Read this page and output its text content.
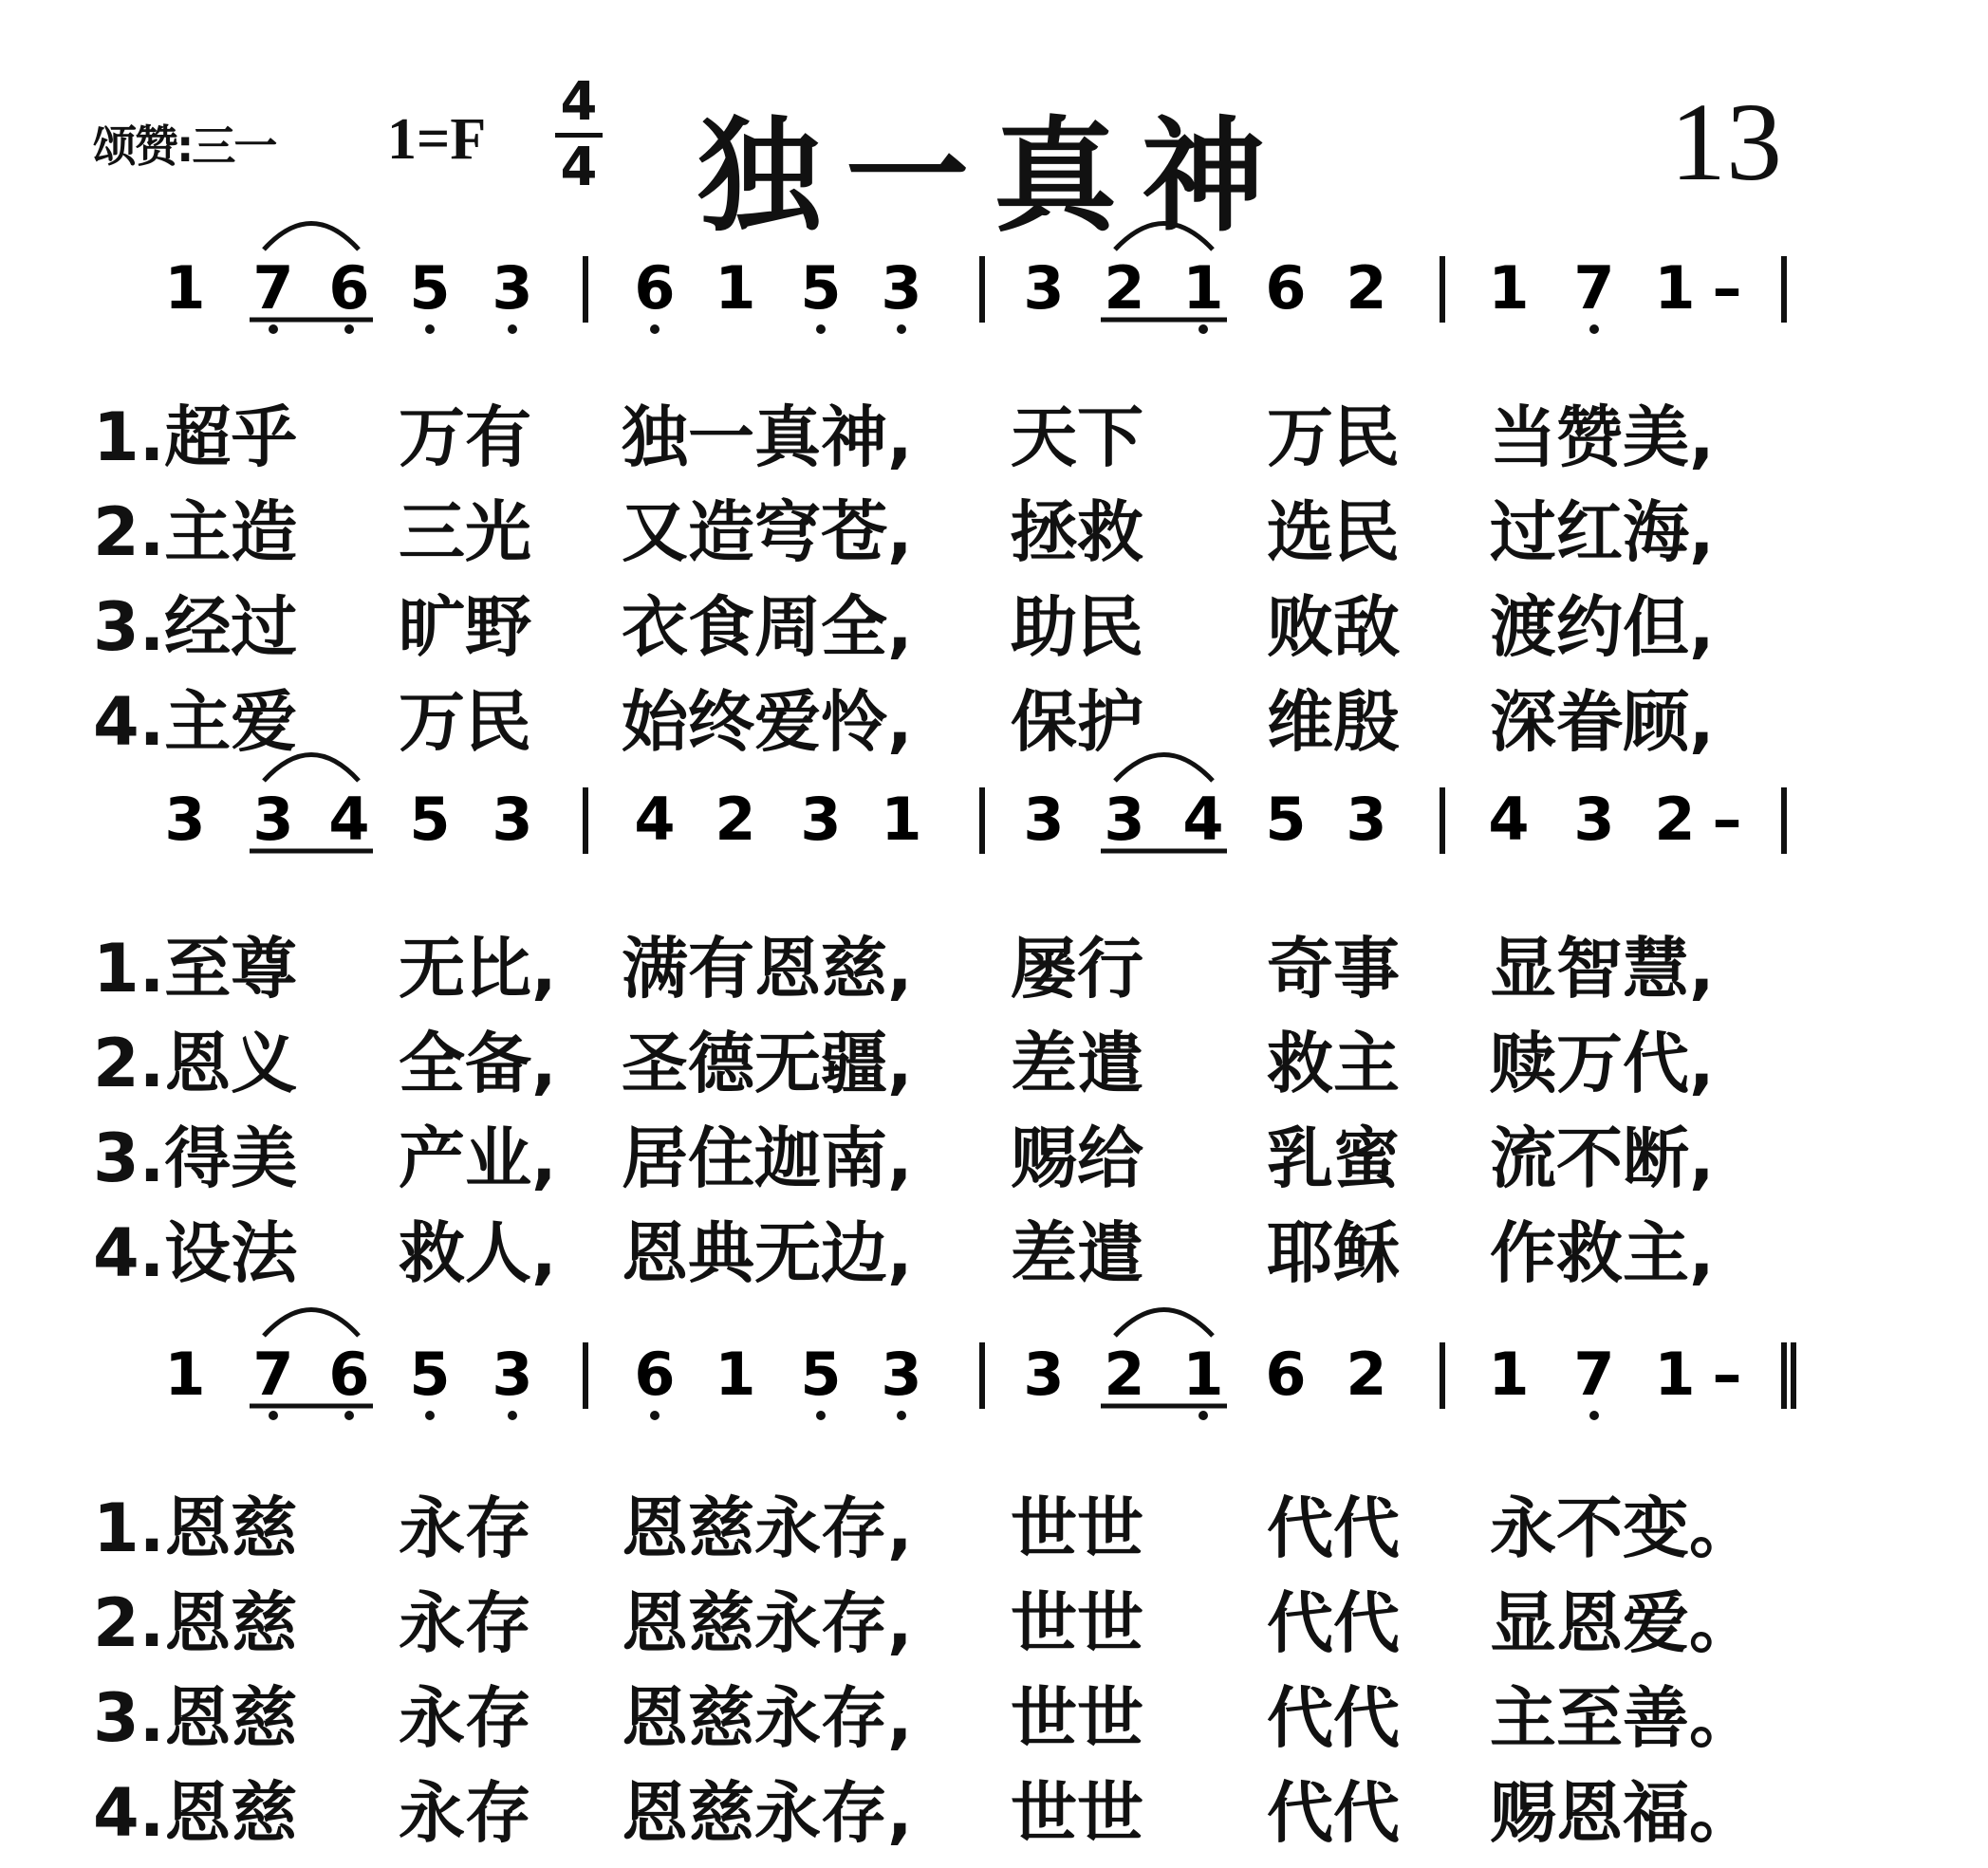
颂赞:三一 1=F
4
4 独一真神	13
1 7 6 5 3 6 1 5 3 3 2 1 6 2 1 7 1 –
3 3 4 5 3 4 2 3 1 3 3 4 5 3 4 3 2 –
1 7 6 5 3 6 1 5 3 3 2 1 6 2 1 7 1 –
1.超乎 万有 独一真神, 天下 万民 当赞美,
2.主造 三光 又造穹苍, 拯救 选民 过红海,
3.经过 旷野 衣食周全, 助民 败敌 渡约但,
4.主爱 万民 始终爱怜, 保护 维殷 深眷顾,
1.至尊 无比, 满有恩慈, 屡行 奇事 显智慧,
2.恩义 全备, 圣德无疆, 差遣 救主 赎万代,
3.得美 产业, 居住迦南, 赐给 乳蜜 流不断,
4.设法 救人, 恩典无边, 差遣 耶稣 作救主,
1.恩慈 永存 恩慈永存, 世世 代代 永不变。
2.恩慈 永存 恩慈永存, 世世 代代 显恩爱。
3.恩慈 永存 恩慈永存, 世世 代代 主至善。
4.恩慈 永存 恩慈永存, 世世 代代 赐恩福。
